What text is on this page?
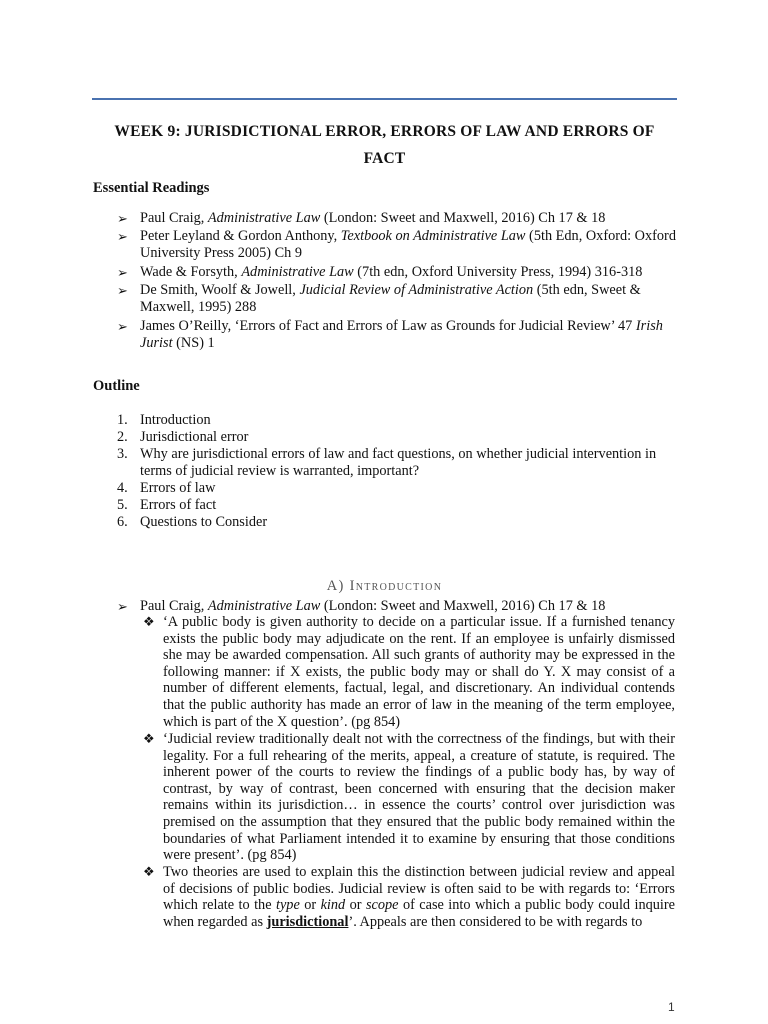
WEEK 9: JURISDICTIONAL ERROR, ERRORS OF LAW AND ERRORS OF FACT
Essential Readings
➢ Paul Craig, Administrative Law (London: Sweet and Maxwell, 2016) Ch 17 & 18
➢ Peter Leyland & Gordon Anthony, Textbook on Administrative Law (5th Edn, Oxford: Oxford University Press 2005) Ch 9
➢ Wade & Forsyth, Administrative Law (7th edn, Oxford University Press, 1994) 316-318
➢ De Smith, Woolf & Jowell, Judicial Review of Administrative Action (5th edn, Sweet & Maxwell, 1995) 288
➢ James O’Reilly, ‘Errors of Fact and Errors of Law as Grounds for Judicial Review’ 47 Irish Jurist (NS) 1
Outline
1. Introduction
2. Jurisdictional error
3. Why are jurisdictional errors of law and fact questions, on whether judicial intervention in terms of judicial review is warranted, important?
4. Errors of law
5. Errors of fact
6. Questions to Consider
A) Introduction
➢ Paul Craig, Administrative Law (London: Sweet and Maxwell, 2016) Ch 17 & 18
❖ ‘A public body is given authority to decide on a particular issue. If a furnished tenancy exists the public body may adjudicate on the rent. If an employee is unfairly dismissed she may be awarded compensation. All such grants of authority may be expressed in the following manner: if X exists, the public body may or shall do Y. X may consist of a number of different elements, factual, legal, and discretionary. An individual contends that the public authority has made an error of law in the meaning of the term employee, which is part of the X question’. (pg 854)

❖ ‘Judicial review traditionally dealt not with the correctness of the findings, but with their legality. For a full rehearing of the merits, appeal, a creature of statute, is required. The inherent power of the courts to review the findings of a public body has, by way of contrast, by way of contrast, been concerned with ensuring that the decision maker remains within its jurisdiction… in essence the courts’ control over jurisdiction was premised on the assumption that they ensured that the public body remained within the boundaries of what Parliament intended it to examine by ensuring that those conditions were present’. (pg 854)

❖ Two theories are used to explain this the distinction between judicial review and appeal of decisions of public bodies. Judicial review is often said to be with regards to: ‘Errors which relate to the type or kind or scope of case into which a public body could inquire when regarded as jurisdictional’. Appeals are then considered to be with regards to

1
